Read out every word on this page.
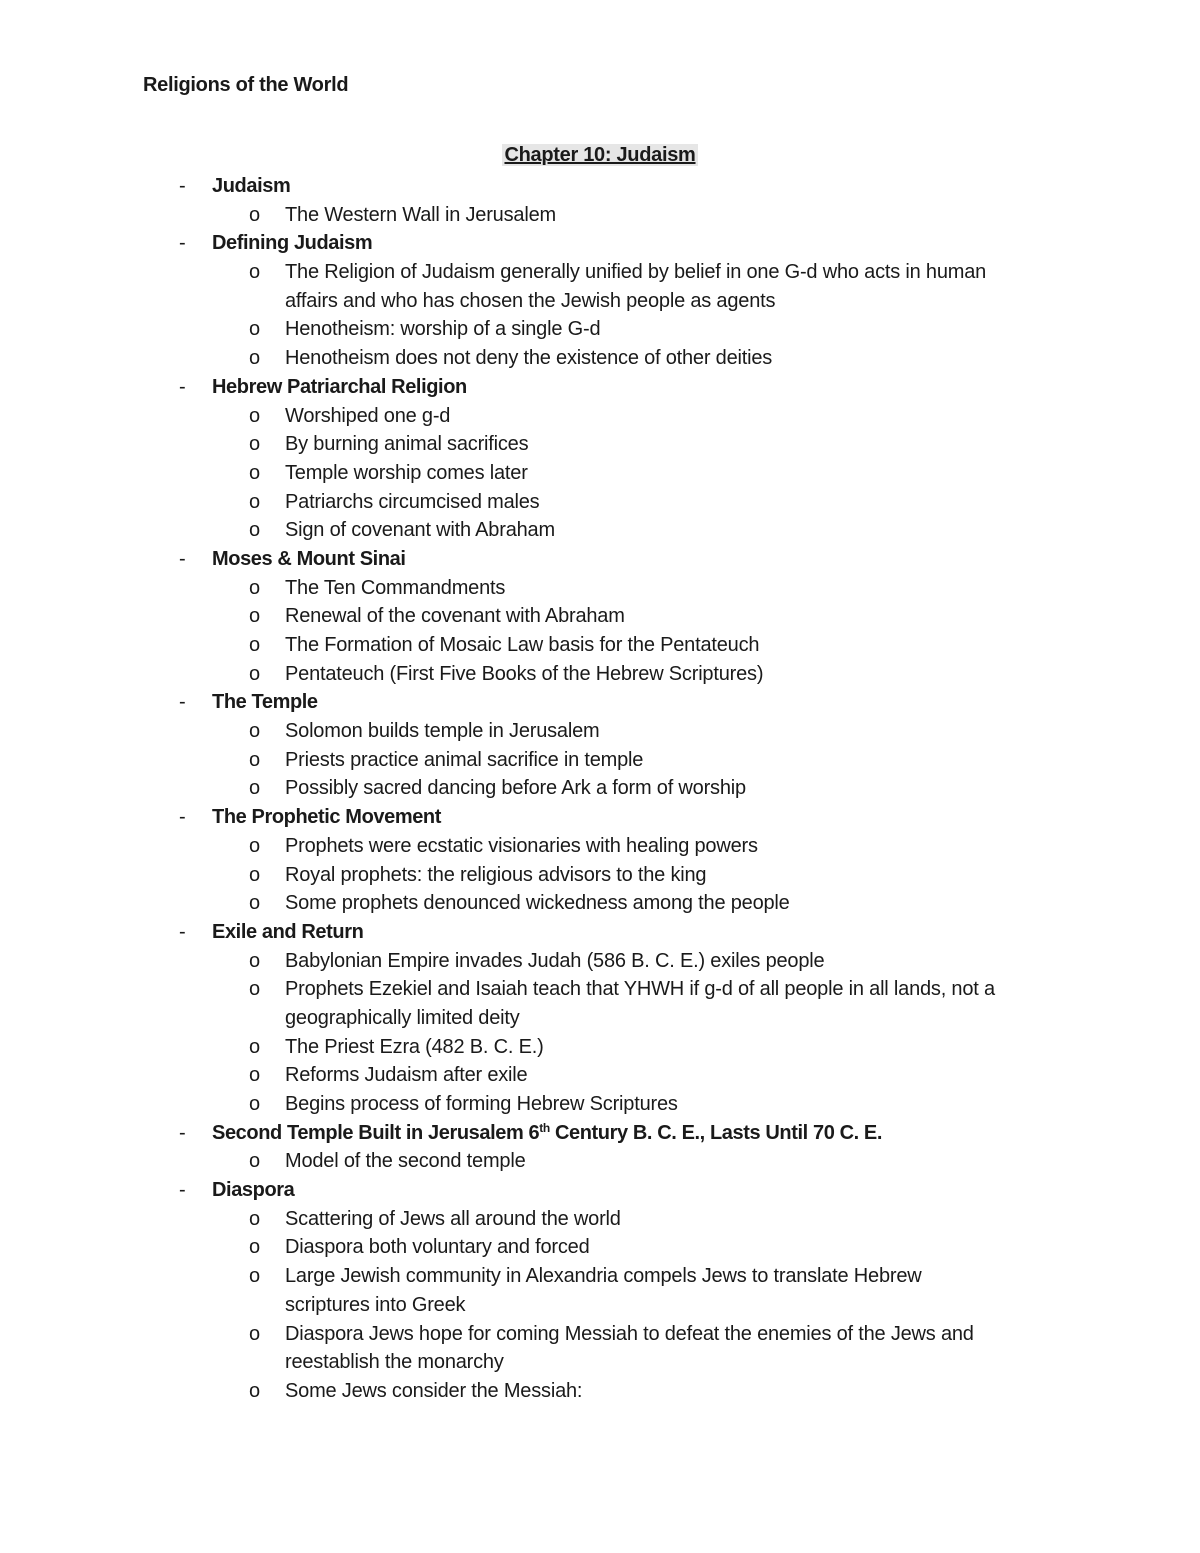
Religions of the World
Chapter 10: Judaism
- Judaism
o The Western Wall in Jerusalem
- Defining Judaism
o The Religion of Judaism generally unified by belief in one G-d who acts in human
affairs and who has chosen the Jewish people as agents
o Henotheism: worship of a single G-d
o Henotheism does not deny the existence of other deities
- Hebrew Patriarchal Religion
o Worshiped one g-d
o By burning animal sacrifices
o Temple worship comes later
o Patriarchs circumcised males
o Sign of covenant with Abraham
- Moses & Mount Sinai
o The Ten Commandments
o Renewal of the covenant with Abraham
o The Formation of Mosaic Law basis for the Pentateuch
o Pentateuch (First Five Books of the Hebrew Scriptures)
- The Temple
o Solomon builds temple in Jerusalem
o Priests practice animal sacrifice in temple
o Possibly sacred dancing before Ark a form of worship
- The Prophetic Movement
o Prophets were ecstatic visionaries with healing powers
o Royal prophets: the religious advisors to the king
o Some prophets denounced wickedness among the people
- Exile and Return
o Babylonian Empire invades Judah (586 B. C. E.) exiles people
o Prophets Ezekiel and Isaiah teach that YHWH if g-d of all people in all lands, not a
geographically limited deity
o The Priest Ezra (482 B. C. E.)
o Reforms Judaism after exile
o Begins process of forming Hebrew Scriptures
- Second Temple Built in Jerusalem 6th Century B. C. E., Lasts Until 70 C. E.
o Model of the second temple
- Diaspora
o Scattering of Jews all around the world
o Diaspora both voluntary and forced
o Large Jewish community in Alexandria compels Jews to translate Hebrew
scriptures into Greek
o Diaspora Jews hope for coming Messiah to defeat the enemies of the Jews and
reestablish the monarchy
o Some Jews consider the Messiah:
